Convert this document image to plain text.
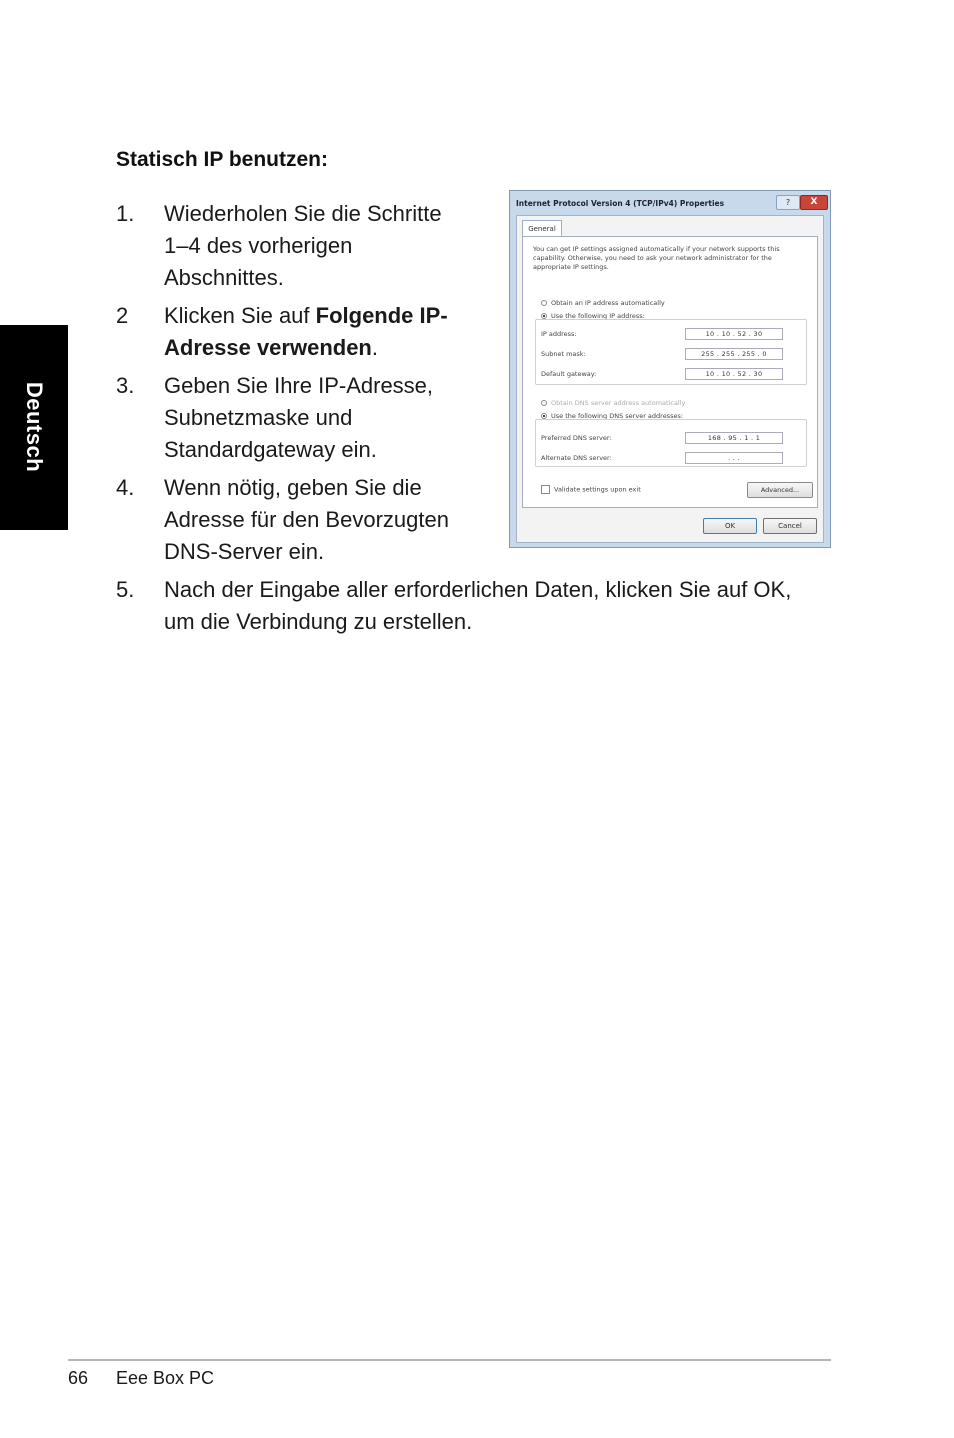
Deutsch
Statisch IP benutzen:
1.	Wiederholen Sie die Schritte
1–4 des vorherigen
Abschnittes.
2	Klicken Sie auf Folgende IP-
Adresse verwenden.
3.	Geben Sie Ihre IP-Adresse,
Subnetzmaske und
Standardgateway ein.
4.	Wenn nötig, geben Sie die
Adresse für den Bevorzugten
DNS-Server ein.
5.	Nach der Eingabe aller erforderlichen Daten, klicken Sie auf OK,
um die Verbindung zu erstellen.
Internet Protocol Version 4 (TCP/IPv4) Properties	?	X
General
You can get IP settings assigned automatically if your network supports this capability. Otherwise, you need to ask your network administrator for the appropriate IP settings.
Obtain an IP address automatically
Use the following IP address:
IP address:	10 . 10 . 52 . 30
Subnet mask:	255 . 255 . 255 . 0
Default gateway:	10 . 10 . 52 . 30
Obtain DNS server address automatically
Use the following DNS server addresses:
Preferred DNS server:	168 . 95 . 1 . 1
Alternate DNS server:	. . .
Validate settings upon exit	Advanced...
OK	Cancel
66 Eee Box PC
